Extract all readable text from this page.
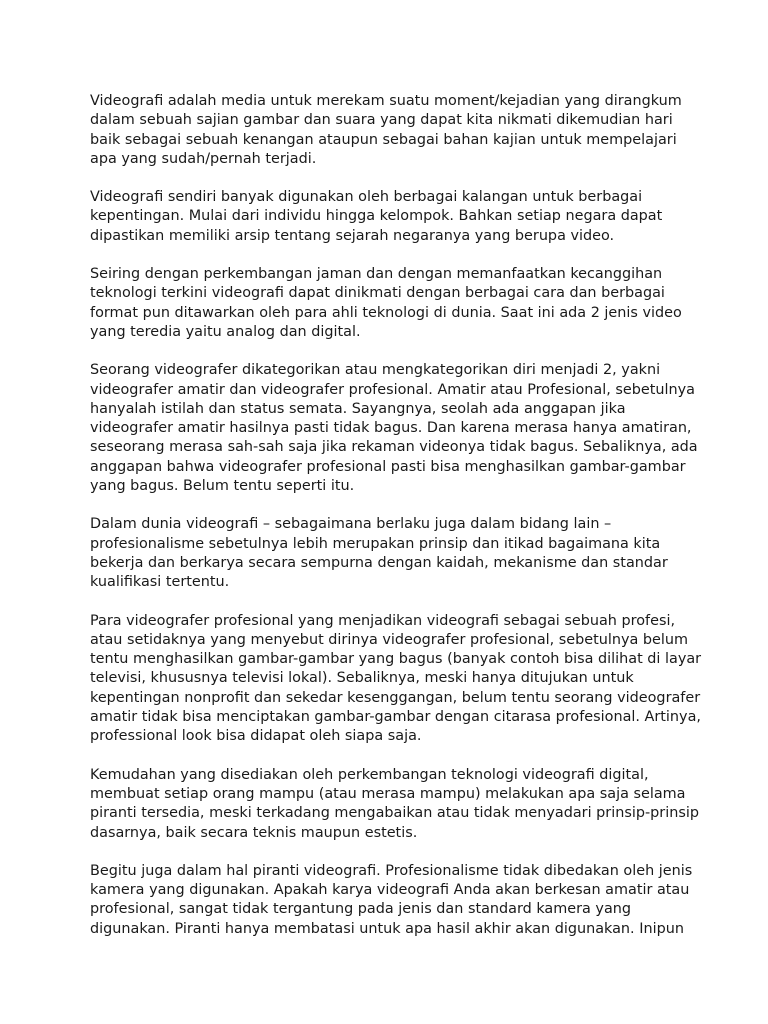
Videografi adalah media untuk merekam suatu moment/kejadian yang dirangkum
dalam sebuah sajian gambar dan suara yang dapat kita nikmati dikemudian hari
baik sebagai sebuah kenangan ataupun sebagai bahan kajian untuk mempelajari
apa yang sudah/pernah terjadi.

Videografi sendiri banyak digunakan oleh berbagai kalangan untuk berbagai
kepentingan. Mulai dari individu hingga kelompok. Bahkan setiap negara dapat
dipastikan memiliki arsip tentang sejarah negaranya yang berupa video.

Seiring dengan perkembangan jaman dan dengan memanfaatkan kecanggihan
teknologi terkini videografi dapat dinikmati dengan berbagai cara dan berbagai
format pun ditawarkan oleh para ahli teknologi di dunia. Saat ini ada 2 jenis video
yang teredia yaitu analog dan digital.

Seorang videografer dikategorikan atau mengkategorikan diri menjadi 2, yakni
videografer amatir dan videografer profesional. Amatir atau Profesional, sebetulnya
hanyalah istilah dan status semata. Sayangnya, seolah ada anggapan jika
videografer amatir hasilnya pasti tidak bagus. Dan karena merasa hanya amatiran,
seseorang merasa sah-sah saja jika rekaman videonya tidak bagus. Sebaliknya, ada
anggapan bahwa videografer profesional pasti bisa menghasilkan gambar-gambar
yang bagus. Belum tentu seperti itu.

Dalam dunia videografi – sebagaimana berlaku juga dalam bidang lain –
profesionalisme sebetulnya lebih merupakan prinsip dan itikad bagaimana kita
bekerja dan berkarya secara sempurna dengan kaidah, mekanisme dan standar
kualifikasi tertentu.

Para videografer profesional yang menjadikan videografi sebagai sebuah profesi,
atau setidaknya yang menyebut dirinya videografer profesional, sebetulnya belum
tentu menghasilkan gambar-gambar yang bagus (banyak contoh bisa dilihat di layar
televisi, khususnya televisi lokal). Sebaliknya, meski hanya ditujukan untuk
kepentingan nonprofit dan sekedar kesenggangan, belum tentu seorang videografer
amatir tidak bisa menciptakan gambar-gambar dengan citarasa profesional. Artinya,
professional look bisa didapat oleh siapa saja.

Kemudahan yang disediakan oleh perkembangan teknologi videografi digital,
membuat setiap orang mampu (atau merasa mampu) melakukan apa saja selama
piranti tersedia, meski terkadang mengabaikan atau tidak menyadari prinsip-prinsip
dasarnya, baik secara teknis maupun estetis.

Begitu juga dalam hal piranti videografi. Profesionalisme tidak dibedakan oleh jenis
kamera yang digunakan. Apakah karya videografi Anda akan berkesan amatir atau
profesional, sangat tidak tergantung pada jenis dan standard kamera yang
digunakan. Piranti hanya membatasi untuk apa hasil akhir akan digunakan. Inipun
